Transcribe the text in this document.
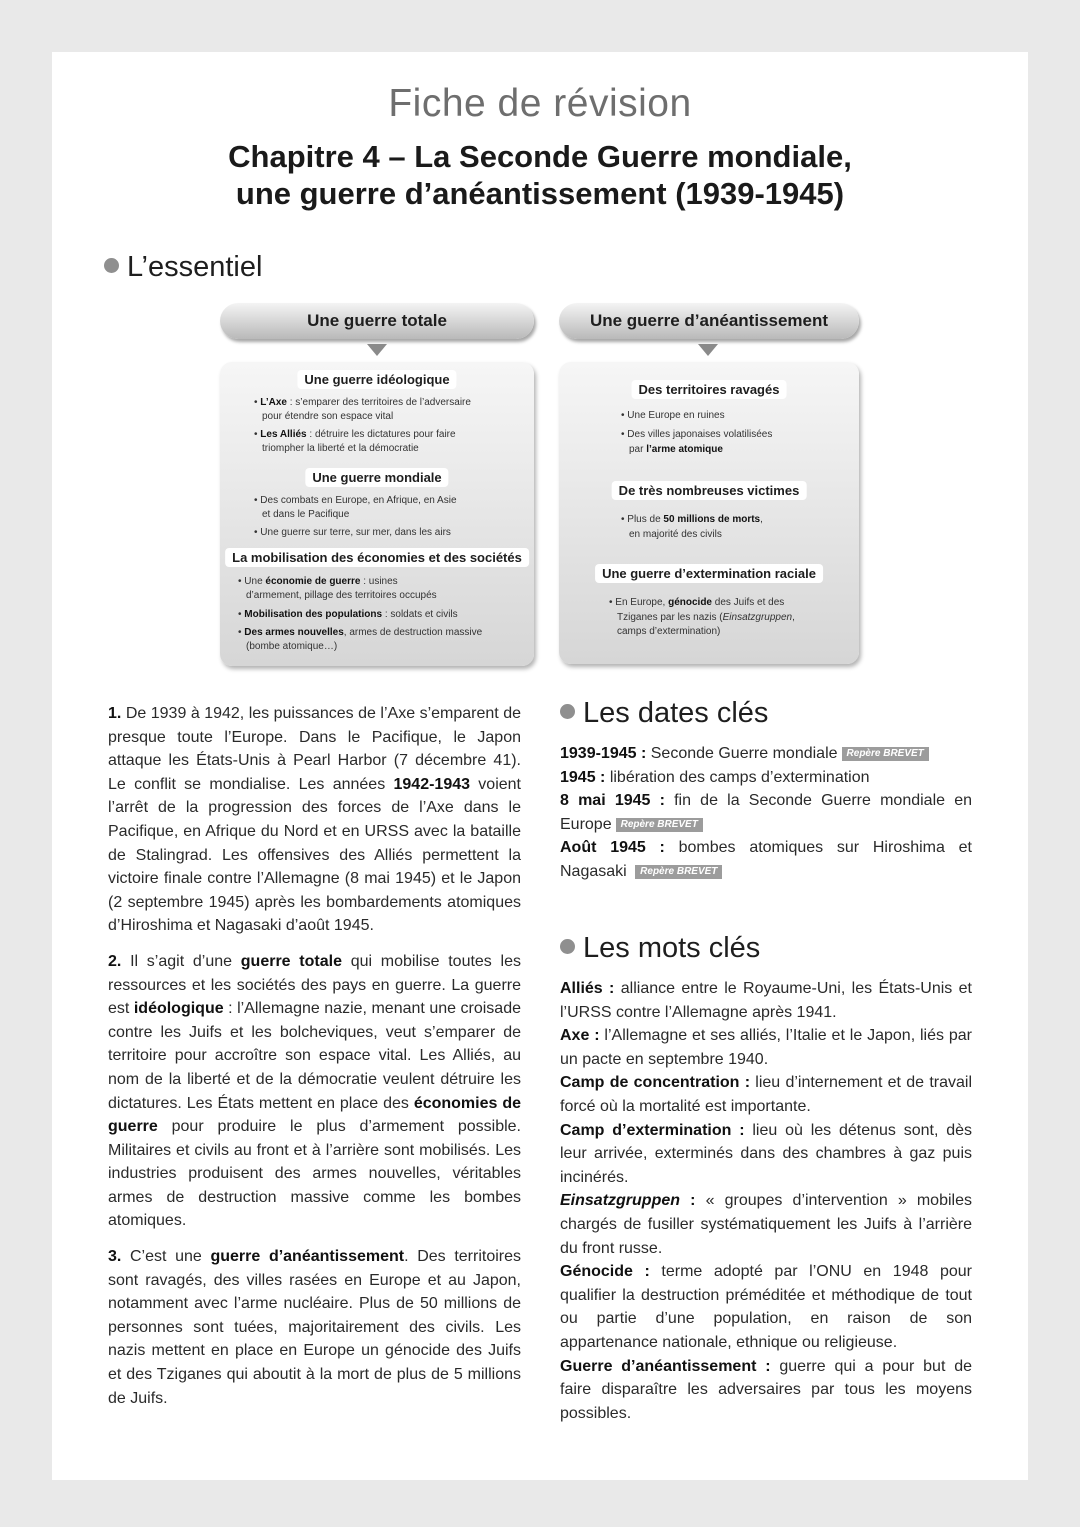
Fiche de révision
Chapitre 4 – La Seconde Guerre mondiale,
une guerre d’anéantissement (1939-1945)
L’essentiel
Une guerre totale
Une guerre idéologique
• L’Axe : s’emparer des territoires de l’adversaire
pour étendre son espace vital
• Les Alliés : détruire les dictatures pour faire
triompher la liberté et la démocratie
Une guerre mondiale
• Des combats en Europe, en Afrique, en Asie
et dans le Pacifique
• Une guerre sur terre, sur mer, dans les airs
La mobilisation des économies et des sociétés
• Une économie de guerre : usines
d’armement, pillage des territoires occupés
• Mobilisation des populations : soldats et civils
• Des armes nouvelles, armes de destruction massive
(bombe atomique…)
Une guerre d’anéantissement
Des territoires ravagés
• Une Europe en ruines
• Des villes japonaises volatilisées
par l’arme atomique
De très nombreuses victimes
• Plus de 50 millions de morts,
en majorité des civils
Une guerre d’extermination raciale
• En Europe, génocide des Juifs et des
Tziganes par les nazis (Einsatzgruppen,
camps d’extermination)

1. De 1939 à 1942, les puissances de l’Axe s’emparent de presque toute l’Europe. Dans le Pacifique, le Japon attaque les États-Unis à Pearl Harbor (7 décembre 41). Le conflit se mondialise. Les années 1942-1943 voient l’arrêt de la progression des forces de l’Axe dans le Pacifique, en Afrique du Nord et en URSS avec la bataille de Stalingrad. Les offensives des Alliés permettent la victoire finale contre l’Allemagne (8 mai 1945) et le Japon (2 septembre 1945) après les bombardements atomiques d’Hiroshima et Nagasaki d’août 1945.

2. Il s’agit d’une guerre totale qui mobilise toutes les ressources et les sociétés des pays en guerre. La guerre est idéologique : l’Allemagne nazie, menant une croisade contre les Juifs et les bolcheviques, veut s’emparer de territoire pour accroître son espace vital. Les Alliés, au nom de la liberté et de la démocratie veulent détruire les dictatures. Les États mettent en place des économies de guerre pour produire le plus d’armement possible. Militaires et civils au front et à l’arrière sont mobilisés. Les industries produisent des armes nouvelles, véritables armes de destruction massive comme les bombes atomiques.

3. C’est une guerre d’anéantissement. Des territoires sont ravagés, des villes rasées en Europe et au Japon, notamment avec l’arme nucléaire. Plus de 50 millions de personnes sont tuées, majoritairement des civils. Les nazis mettent en place en Europe un génocide des Juifs et des Tziganes qui aboutit à la mort de plus de 5 millions de Juifs.

Les dates clés

1939-1945 : Seconde Guerre mondiale Repère BREVET

1945 : libération des camps d’extermination

8 mai 1945 : fin de la Seconde Guerre mondiale en Europe Repère BREVET

Août 1945 : bombes atomiques sur Hiroshima et Nagasaki Repère BREVET

Les mots clés

Alliés : alliance entre le Royaume-Uni, les États-Unis et l’URSS contre l’Allemagne après 1941.

Axe : l’Allemagne et ses alliés, l’Italie et le Japon, liés par un pacte en septembre 1940.

Camp de concentration : lieu d’internement et de travail forcé où la mortalité est importante.

Camp d’extermination : lieu où les détenus sont, dès leur arrivée, exterminés dans des chambres à gaz puis incinérés.

Einsatzgruppen : « groupes d’intervention » mobiles chargés de fusiller systématiquement les Juifs à l’arrière du front russe.

Génocide : terme adopté par l’ONU en 1948 pour qualifier la destruction préméditée et méthodique de tout ou partie d’une population, en raison de son appartenance nationale, ethnique ou religieuse.

Guerre d’anéantissement : guerre qui a pour but de faire disparaître les adversaires par tous les moyens possibles.
